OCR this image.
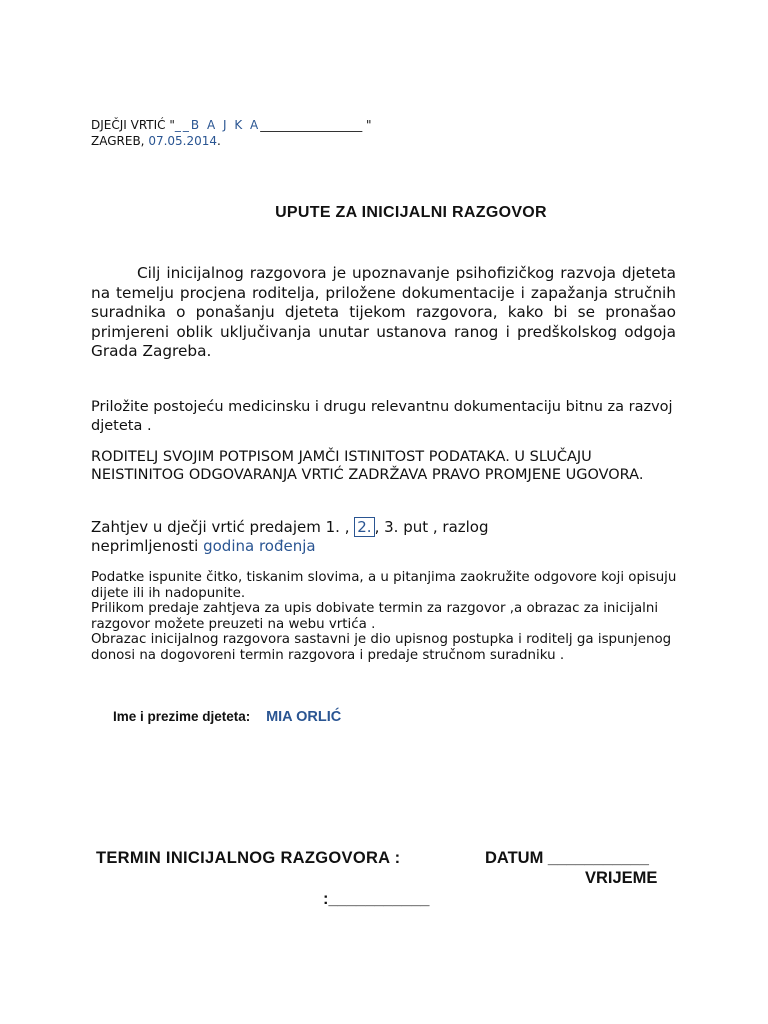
DJEČJI VRTIĆ "__B A J K A_________________ "
ZAGREB, 07.05.2014.
UPUTE ZA INICIJALNI RAZGOVOR
Cilj inicijalnog razgovora je upoznavanje psihofizičkog razvoja djeteta na temelju procjena roditelja, priložene dokumentacije i zapažanja stručnih suradnika o ponašanju djeteta tijekom razgovora, kako bi se pronašao primjereni oblik uključivanja unutar ustanova ranog i predškolskog odgoja Grada Zagreba.
Priložite postojeću medicinsku i drugu relevantnu dokumentaciju bitnu za razvoj djeteta .
RODITELJ SVOJIM POTPISOM JAMČI ISTINITOST PODATAKA. U SLUČAJU NEISTINITOG ODGOVARANJA VRTIĆ ZADRŽAVA PRAVO PROMJENE UGOVORA.
Zahtjev u dječji vrtić predajem 1. , 2. , 3. put , razlog
neprimljenosti godina rođenja
Podatke ispunite čitko, tiskanim slovima, a u pitanjima zaokružite odgovore koji opisuju dijete ili ih nadopunite.
Prilikom predaje zahtjeva za upis dobivate termin za razgovor ,a obrazac za inicijalni razgovor možete preuzeti na webu vrtića .
Obrazac inicijalnog razgovora sastavni je dio upisnog postupka i roditelj ga ispunjenog donosi na dogovoreni termin razgovora i predaje stručnom suradniku .
Ime i prezime djeteta: MIA ORLIĆ
TERMIN INICIJALNOG RAZGOVORA :	DATUM ___________
VRIJEME
:___________
